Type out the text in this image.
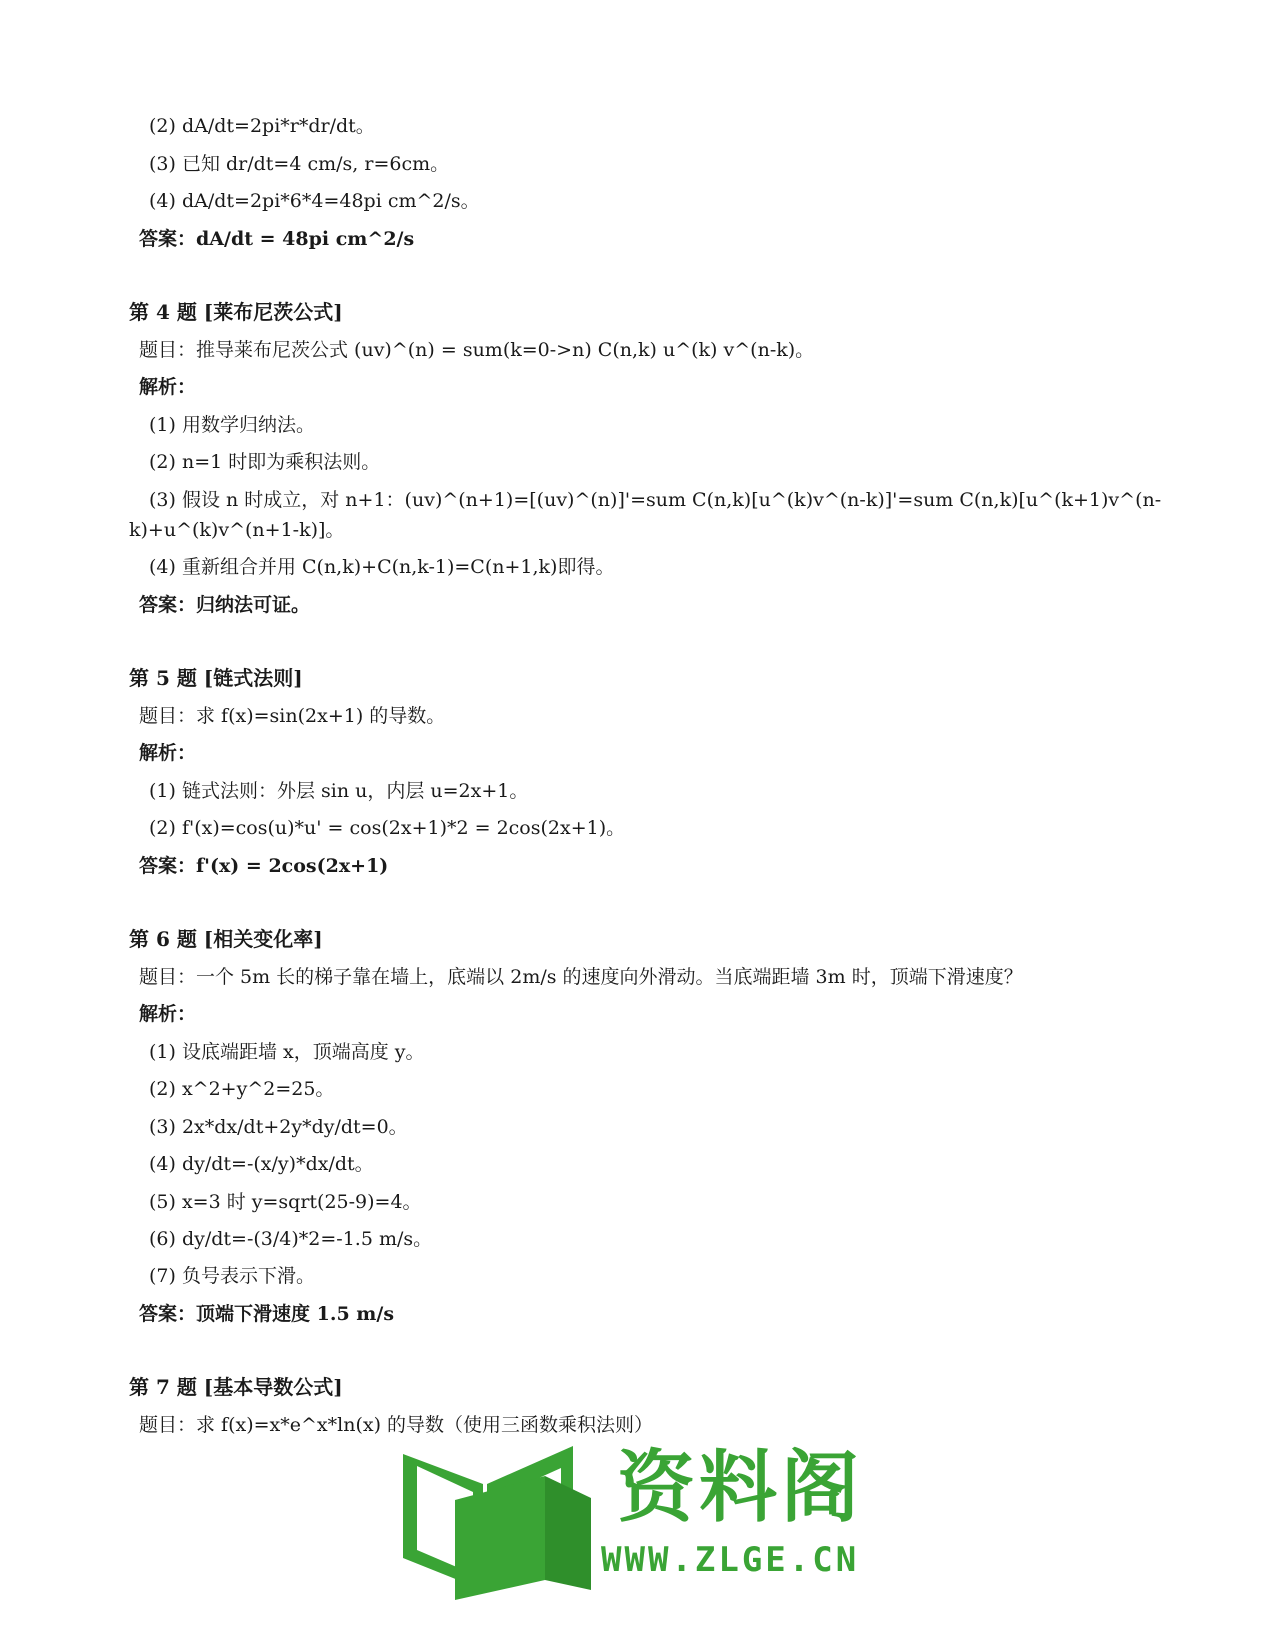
(2) dA/dt=2pi*r*dr/dt。
(3) 已知 dr/dt=4 cm/s, r=6cm。
(4) dA/dt=2pi*6*4=48pi cm^2/s。
答案：dA/dt = 48pi cm^2/s
第 4 题 [莱布尼茨公式]
题目：推导莱布尼茨公式 (uv)^(n) = sum(k=0->n) C(n,k) u^(k) v^(n-k)。
解析：
(1) 用数学归纳法。
(2) n=1 时即为乘积法则。
(3) 假设 n 时成立，对 n+1：(uv)^(n+1)=[(uv)^(n)]'=sum C(n,k)[u^(k)v^(n-k)]'=sum C(n,k)[u^(k+1)v^(n-
k)+u^(k)v^(n+1-k)]。
(4) 重新组合并用 C(n,k)+C(n,k-1)=C(n+1,k)即得。
答案：归纳法可证。
第 5 题 [链式法则]
题目：求 f(x)=sin(2x+1) 的导数。
解析：
(1) 链式法则：外层 sin u，内层 u=2x+1。
(2) f'(x)=cos(u)*u' = cos(2x+1)*2 = 2cos(2x+1)。
答案：f'(x) = 2cos(2x+1)
第 6 题 [相关变化率]
题目：一个 5m 长的梯子靠在墙上，底端以 2m/s 的速度向外滑动。当底端距墙 3m 时，顶端下滑速度？
解析：
(1) 设底端距墙 x，顶端高度 y。
(2) x^2+y^2=25。
(3) 2x*dx/dt+2y*dy/dt=0。
(4) dy/dt=-(x/y)*dx/dt。
(5) x=3 时 y=sqrt(25-9)=4。
(6) dy/dt=-(3/4)*2=-1.5 m/s。
(7) 负号表示下滑。
答案：顶端下滑速度 1.5 m/s
第 7 题 [基本导数公式]
题目：求 f(x)=x*e^x*ln(x) 的导数（使用三函数乘积法则）
资料阁
WWW.ZLGE.CN
